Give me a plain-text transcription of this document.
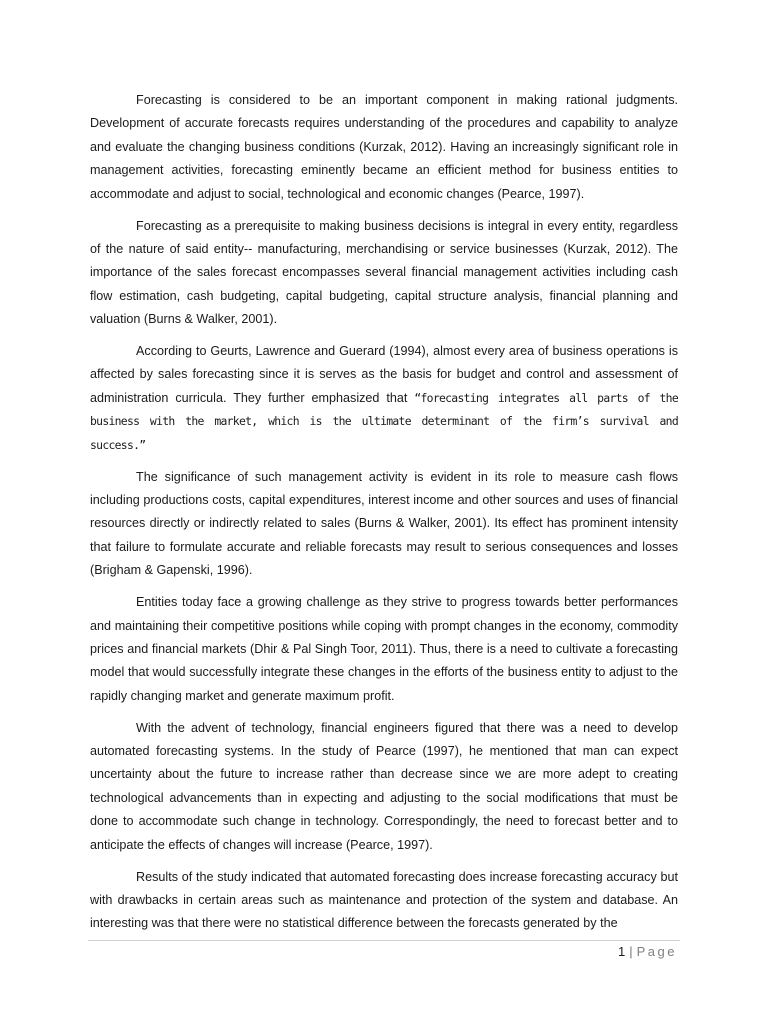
Forecasting is considered to be an important component in making rational judgments. Development of accurate forecasts requires understanding of the procedures and capability to analyze and evaluate the changing business conditions (Kurzak, 2012). Having an increasingly significant role in management activities, forecasting eminently became an efficient method for business entities to accommodate and adjust to social, technological and economic changes (Pearce, 1997).

Forecasting as a prerequisite to making business decisions is integral in every entity, regardless of the nature of said entity-- manufacturing, merchandising or service businesses (Kurzak, 2012). The importance of the sales forecast encompasses several financial management activities including cash flow estimation, cash budgeting, capital budgeting, capital structure analysis, financial planning and valuation (Burns & Walker, 2001).

According to Geurts, Lawrence and Guerard (1994), almost every area of business operations is affected by sales forecasting since it is serves as the basis for budget and control and assessment of administration curricula. They further emphasized that “forecasting integrates all parts of the business with the market, which is the ultimate determinant of the firm’s survival and success.”

The significance of such management activity is evident in its role to measure cash flows including productions costs, capital expenditures, interest income and other sources and uses of financial resources directly or indirectly related to sales (Burns & Walker, 2001). Its effect has prominent intensity that failure to formulate accurate and reliable forecasts may result to serious consequences and losses (Brigham & Gapenski, 1996).

Entities today face a growing challenge as they strive to progress towards better performances and maintaining their competitive positions while coping with prompt changes in the economy, commodity prices and financial markets (Dhir & Pal Singh Toor, 2011). Thus, there is a need to cultivate a forecasting model that would successfully integrate these changes in the efforts of the business entity to adjust to the rapidly changing market and generate maximum profit.

With the advent of technology, financial engineers figured that there was a need to develop automated forecasting systems. In the study of Pearce (1997), he mentioned that man can expect uncertainty about the future to increase rather than decrease since we are more adept to creating technological advancements than in expecting and adjusting to the social modifications that must be done to accommodate such change in technology. Correspondingly, the need to forecast better and to anticipate the effects of changes will increase (Pearce, 1997).

Results of the study indicated that automated forecasting does increase forecasting accuracy but with drawbacks in certain areas such as maintenance and protection of the system and database. An interesting was that there were no statistical difference between the forecasts generated by the

1 | Page
